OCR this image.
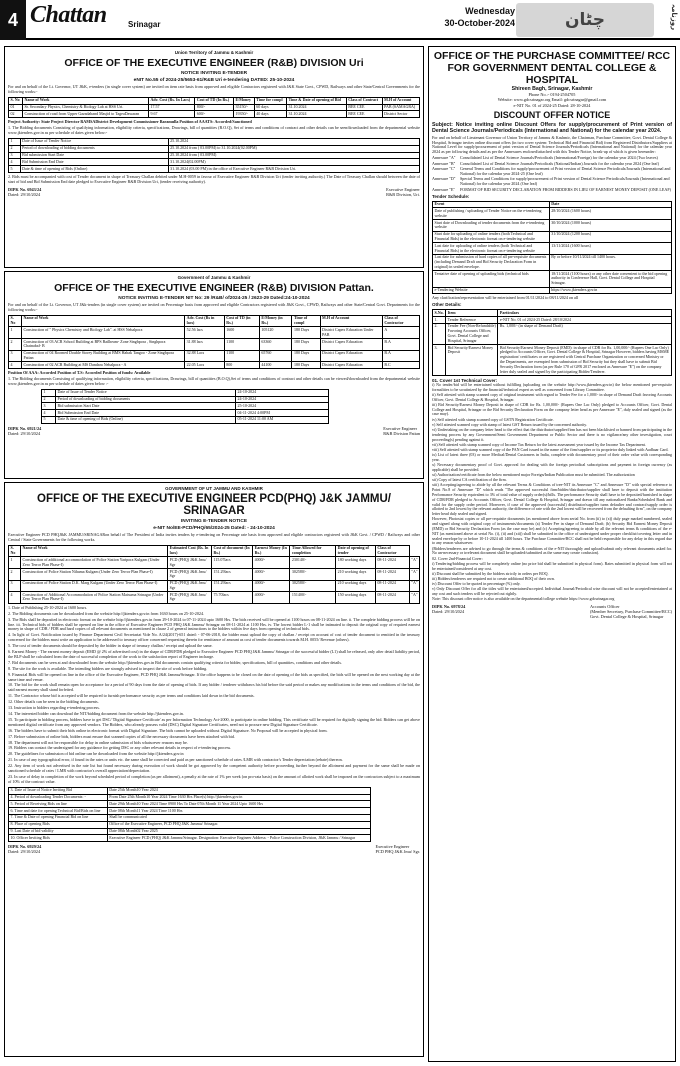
4 Chattan	Srinagar
Wednesday
30-October-2024	چٹان	روزنامہ
Union Territory of Jammu & Kashmir
OFFICE OF THE EXECUTIVE ENGINEER (R&B) DIVISION Uri
NOTICE INVITING E-TENDER
eNIT No.55 of 2024-25/5653-61/R&B Uri e-tendering DATED: 25-10-2024

For and on behalf of the Lt. Governor, UT J&K, e-tenders (in single cover system) are invited on item rate basis from approved and eligible Contractors registered with J&K State Govt., CPWD, Railways and other State/Central Governments for the following works:-

S. No	Name of Work	Adv. Cost (Rs. In Lacs)	Cost of TD (In Rs.)	E/Money	Time for compl	Time & Date of opening of Bid	Class of Contract	M.H of Account
01	Sr. Secondary Physics, Chemistry & Biology Lab at HSS Uri.	17.57	800/-	35150/-	60 days	31.10.2024	BEE CEE	PAB (SAMAGRA)
02	Construction of road from Upper Gazadaband Masjid to TageaDawaran	9.67	600/-	19350/-	40 days	31.10.2024	BEE CEE	District Sector

Project Authority: State Project Director RAMSADistrict Development Commissioner Baramulla Position of AAATS: Accorded/Sanctioned

1. The Bidding documents Consisting of qualifying information, eligibility criteria, specifications, Drawings, bill of quantities (B.O.Q), Set of terms and conditions of contract and other details can be seen/downloaded from the departmental website www.jktenders.gov.in as per schedule of dates given below:-

1	Date of Issue of Tender Notice	25.10.2024
2	Period of downloading of bidding documents	25.10.2024 from ( 03.00PM) to 31.10.2024(02.00PM)
3	Bid submission Start Date	25.10.2024 from ( 03.00PM)
4	Bid Submission End Date	31.10.2024(02.00PM)
5	Date & time of opening of Bids (Online)	31.10.2024 (03.00 PM) in the office of Executive Engineer R&B Division Uri.

2. Bids must be accompanied with cost of Tender document in shape of Treasury Challan debited under M.H-0059 in favour of Executive Engineer R&B Division Uri (tender inviting authority.) The Date of Treasury Challan should between the date of start of bid and Bid Submission End date pledged to Executive Engineer R&B Division Uri, (tender receiving authority).

DIPK No. 6943/24
Dated: 29/10/2024
Executive Engineer
R&B Division, Uri.
Government of Jammu & Kashmir
OFFICE OF THE EXECUTIVE ENGINEER (R&B) DIVISION Pattan.
NOTICE INVITING E-TENDER NIT No: 29 /R&B/ of2024-25 / 2623-29 Dated:24-10-2024

For and on behalf of the Lt. Governor, UT J&k-tenders (in single cover system) are invited on Percentage basis from approved and eligible Contractors registered with J&K Govt., CPWD, Railways and other State/Central Govt. Departments for the following works:-

S. No	Name of Work	Adv. Cost (Rs in lacs)	Cost of TD (in Rs.)	E/Money (in Rs.)	Time of compl	M.H of Account	Class of Contractor
1	Construction of " Physics Chemistry and Biology Lab". at HSS Nehalpora	52.56 lacs	1600	105120	180 Days	District Capex Education Under PAB	A
2	Construction of 03 ACR School Building at BPS Bailheam- Zone Singhpora , Singhpora Chainabal- B	31.88 lacs	1100	63360	180 Days	District Capex Education	B.A
3	Construction of 04 Roomed Double Storey Building at BMS Habak Tangoo - Zone Singhpora Pattan	32.88 Lacs	1100	65760	180 Days	District Capex Education	B.A
4	Construction of 02 ACR Building at MS Dandara Nehalpora - A	22.05 Lacs	800	44100	180 Days	District Capex Education	B.C

Position Of AAA: Accorded Position of T.S: Accorded Position of funds: Available

1. The Bidding documents Consisting of qualifying information, eligibility criteria, specifications, Drawings, bill of quantities (B.O.Q),Set of terms and conditions of contract and other details can be viewed/downloaded from the departmental website www.jktenders.gov.in as per schedule of dates given below :-

1	Date of Issue of Tender Notice	24-10-2024
2	Period of downloading of bidding documents	24-10-2024
3	Bid submission Start Date	25-10-2024
4	Bid Submission End Date	04-11-2024 4:00PM
5	Date & time of opening of Bids (Online)	05-11-2024 11:00 AM
DIPK No. 6921/24
Dated: 29/10/2024
Executive Engineer
R&B Division Pattan
GOVERNMENT OF UT JAMMU AND KASHMIR
OFFICE OF THE EXECUTIVE ENGINEER PCD(PHQ) J&K JAMMU/ SRINAGAR
INVITING E-TENDER NOTICE
e-NIT No/EE-PCD/PHQ/65/2024-25 Dated: - 24-10-2024

Executive Engineer PCD PHQJ&K JAMMU/SRINAGARon behalf of The President of India invites tenders by e-tendering on Percentage rate basis from approved and eligible contractors registered with J&K Govt. / CPWD / Railways and other Central / State Governments for the following works.

S. No	Name of Work	Estimated Cost (Rs. In lacs)	Cost of document (In Rs.)	Earnest Money (In Rs.)	Time Allowed for completion	Date of opening of tender	Class of Contractor	
1	Construction of additional accommodation of Police Station Yaripora Kulgam (Under Zero Terror Plan Phase-I)	PCD (PHQ) J&K Jmu/ Sgr	115.07lacs	4000/-	230140/-	180 working days	08-11-2024	"A"
2	Construction of Police Station Nihama Kulgam (Under Zero Terror Plan Phase-I)	PCD (PHQ) J&K Jmu/ Sgr	151.29lacs	4000/-	302580/-	210 working days	08-11-2024	"A"
3	Construction of Police Station D.K. Marg Kulgam (Under Zero Terror Plan Phase-I)	PCD (PHQ) J&K Jmu/ Sgr	151.29lacs	4000/-	302580/-	210 working days	08-11-2024	"A"
4	Construction of Additional Accommodation of Police Station Maisuma Srinagar (Under Zero Terror Plan Phase-I)	PCD (PHQ) J&K Jmu/ Sgr	75.70lacs	4000/-	151400/-	150 working days	08-11-2024	"A"

1. Date of Publishing 25-10-2024 at 1600 hours.

2. The Bidding documents can be downloaded from the website http://jktenders.gov.in from 1630 hours on 25-10-2024.

3. The Bids shall be deposited in electronic format on the website http://jktenders.gov.in from 29-10-2024 to 07-11-2024 upto 1600 Hrs. The bids received will be opened at 1100 hours on 08-11-2024 on line. ii. The complete bidding process will be on line. iii. Technical bids of bidders shall be opened on line in the office of Executive Engineer PCD PHQ J&K Jammu/ Srinagar on 08-11-2024 at 1100 Hrs. iv. The lowest bidder L-1 shall be intimated to deposit the original copy of required earnest money in shape of CDR / FDR and hard copies of all relevant documents as mentioned in clause 2 of general instructions to the bidders within five days from opening of technical bids.

4. In light of Govt. Notification issued by Finance Department Civil Secretariat Vide No. A/24(2017)-651 dated: - 07-06-2018, the bidder must upload the copy of challan / receipt on account of cost of tender document to remitted in the treasury concerned for the bidders must write an application to be addressed to treasury officer concerned requesting therein for remittance of amount as cost of tender documents towards M.H. 0055/ Revenue (others).

5. The cost of tender documents should be deposited by the bidder in shape of treasury challan / receipt and upload the same.

6. Earnest Money - The earnest money deposit (EMD @ 2% of advertised cost) in the shape of CDR/FDR pledged to Executive Engineer PCD PHQ J&K Jammu/ Srinagar of the successful bidder (L1) shall be released, only after detail liability period, the BLP shall be calculated from the date of successful completion of the work to the satisfaction report of Engineer incharge.

7. Bid documents can be seen at and downloaded from the website http://jktenders.gov.in Bid documents contain qualifying criteria for bidder, specifications, bill of quantities, conditions and other details.

8. The site for the work is available. The intending bidders are strongly advised to inspect the site of work before bidding.

9. Financial Bids will be opened on line in the office of the Executive Engineer, PCD PHQ J&K Jammu/Srinagar. If the office happens to be closed on the date of opening of the bids as specified, the bids will be opened on the next working day at the same time and venue.

10. The bid for the work shall remain open for acceptance for a period of 90 days from the date of opening of bids. If any bidder / tenderer withdraws his bid before the said period or makes any modifications in the terms and conditions of the bid, the said earnest money shall stand forfeited.

11. The Contractor whose bid is accepted will be required to furnish performance security as per terms and conditions laid down in the bid documents.

12. Other details can be seen in the bidding documents.

13. Instruction to bidders regarding e-tendering process.

14. The interested bidder can download the NIT/bidding document from the website http://jktenders.gov.in.

15. To participate in bidding process, bidders have to get DSC/ 'Digital Signature Certificate' as per Information Technology Act-2000, to participate in online bidding. This certificate will be required for digitally signing the bid. Bidders can get above mentioned digital certificate from any approved vendors. The Bidders, who already possess valid (DSC) Digital Signature Certificates, need not to procure new Digital Signature Certificate.

16. The bidders have to submit their bids online in electronic format with Digital Signature. The bids cannot be uploaded without Digital Signature. No Proposal will be accepted in physical form.

17. Before submission of online bids, bidders must ensure that scanned copies of all the necessary documents have been attached with bid.

18. The department will not be responsible for delay in online submission of bids whatsoever reasons may be.

19. Bidders can contact the undersigned for any guidance for getting DSC or any other relevant details in respect of e-tendering process.

20. The guidelines for submission of bid online can be downloaded from the website http://jktenders.gov.in

21. In case of any typographical error, if found in the rates or units etc. the same shall be corrected and paid as per sanctioned schedule of rates /LMR with contractor's Tender depreciation (rebate) thereon.

22. Any item of work not advertised in the rate list but found necessary during execution of work should be got approved by the competent authority before proceeding further beyond the allotment and payment for the same shall be made on sanctioned schedule of rates / LMR with contractor's overall appreciation/depreciation.

23. In case of delay in completion of the work beyond scheduled period of completion (as per allotment), a penalty at the rate of 1% per week (on pro-rata basis) on the amount of allotted work shall be imposed on the contractors subject to a maximum of 10% of the contract value.

3. Date of Issue of Notice Inviting Bid	Date 25th Month10 Year 2024
4. Period of downloading Tender Documents: -	From Date 25th Month10 Year 2024 Time 1630 Hrs Place(s) http://jktenders.gov.in
5. Period of Receiving Bids on line	Date 29th Month10 Year 2024 Time 0900 Hrs To Date 07th Month 11 Year 2024 Upto 1600 Hrs
6. Time and date for opening Technical Bid/Bids on line	Date 08th Month11 Year 2024 Time 1100 Hrs
7. Time & Date of opening Financial Bid on line	Shall be communicated
8. Place of opening Bids	Office of the Executive Engineer, PCD PHQ J&K Jammu/ Srinagar.
9. Last Date of bid validity	Date 08th Month02 Year 2025
10. Officer Inviting Bids	Executive Engineer PCD (PHQ) J&K Jammu/Srinagar. Designation: Executive Engineer Address: - Police Construction Division, J&K Jammu / Srinagar
DIPK No. 6929/24
Dated: 29/10/2024
Executive Engineer
PCD PHQ J&K Jmu/ Sgr.
OFFICE OF THE PURCHASE COMMITTEE/ RCC FOR GOVERNMENT DENTAL COLLEGE & HOSPITAL
Shireen Bagh, Srinagar, Kashmir
Phone No.:- 0194-2504705
Website: www.gdcsrinagar.org Email: gdcsrinagar@gmail.com
e-NIT No. 01 of 2024-25 Dated: 28-10-2024
DISCOUNT OFFER NOTICE
Subject: Notice inviting online Discount Offers for supply/procurement of Print version of Dental Science Journals/Periodicals (International and National) for the calendar year 2024.

For and on behalf of Lieutenant Governor of Union Territory of Jammu & Kashmir, the Chairman, Purchase Committee, Govt. Dental College & Hospital, Srinagar invites online discount offers (in two cover system: Technical Bid and Financial Bid) from Registered Distributors/Suppliers at National Level for supply/procurement of print version of Dental Science Journals/Periodicals (International and National) for the calendar year 2024 as per following details and as per the Annexures enclosed/attached with this Tender Notice, break-up of which is given hereunder:

Annexure "A"	Consolidated List of Dental Science Journals/Periodicals (International/Foreign) for the calendar year 2024 (Two leaves)
Annexure "B"	Consolidated List of Dental Science Journals/Periodicals (National/Indian) Journals for the calendar year 2024 (One leaf)
Annexure "C"	General Terms and Conditions for supply/procurement of Print version of Dental Science Periodicals/Journals (International and National) for the calendar year 2024-25 (One leaf)
Annexure "D"	Special Terms and Conditions for supply/procurement of Print version of Dental Science Periodicals/Journals (International and National) for the calendar year 2024 (One leaf)
Annexure "E"	FORMAT OF BID SECURITY DECLARATION FROM BIDDERS IN LIEU OF EARNEST MONEY DEPOSIT (ONE LEAF)
Tender Schedule:
Event	Date
Date of publishing / uploading of Tender Notice on the e-tendering website	28/10/2024 (1600 hours)
Start date of Downloading of tender documents from the e-tendering website	30/10/2024 (1000 hours)
Start date for uploading of online tenders (both Technical and Financial Bids) in the electronic format on e-tendering website	31/10/2024 (1200 hours)
Last date for uploading of online tenders (both Technical and Financial Bids) in the electronic format on e-tendering website	13/11/2024 (1600 hours)
Last date for submission of hard copies of all pre-requisite documents (including Demand Draft and Bid Security Declaration Form in original) in sealed envelope.	By or before 10/11/2024 till 1400 hours.
Tentative date of opening of uploading bids (technical bids	18/11/2024 (1100 hours) or any other date convenient to the bid opening authority in Conference Hall, Govt. Dental College and Hospital Srinagar.
e-Tendering Website	https://www.jktenders.gov.in

Any clarification/representation will be entertained from 01/11/2024 to 08/11/2024 on all

Other Details:
S.No.	Item	Particulars
1.	Tender Reference	e-NIT No. 01 of 2024-25 Dated: 28/10/2024
2.	Tender Fee (Non-Refundable) Favoring Accounts Officer, Govt. Dental College and Hospital, Srinagar	Rs. 1,000/- (in shape of Demand Draft)
3.	Bid Security/Earnest Money Deposit	Bid Security/Earnest Money Deposit (EMD): in shape of CDR for Rs. 1,00,000/- (Rupees One Lac Only) pledged to Accounts Officer, Govt. Dental College & Hospital, Srinagar However, bidders having MSME registration/ certificates or are registered with Central Purchase Organization or concerned Ministry or the Departments, are exempted from submission of Bid Security but they shall have to submit Bid Security Declaration form (as per Rule 170 of GFR 2017 enclosed as Annexure "E") on the company letter duly sealed and signed by the participating Bidder/Tenderer.
01. Cover 1st Technical Cover:

i) No tender/bid will be entertained without fulfilling (uploading on the website http://www.jktenders.gov.in) the below mentioned pre-requisite formalities to be scrutinized by the financial/technical expert as well as concerned from Library Committee.

ii) Self attested with stamp scanned copy of original instrument with regard to Tender Fee for a 1,000/- in shape of Demand Draft favoring Accounts Officer, Govt. Dental College & Hospital, Srinagar.

iii) Bid Security/Earnest Money Deposit in shape of CDR for Rs. 1,00,000/- (Rupees One Lac Only) pledged to Accounts Officer, Govt. Dental College and Hospital, Srinagar or the Bid Security Declaration Form on the company letter head as per Annexure "E", duly sealed and signed (as the case may).

iv) Self attested with stamp scanned copy of GSTN Registration Certificate.

v) Self attested scanned copy with stamp of latest GST Return issued by the concerned authority.

vi) Undertaking on the company letter head to the effect that the distributor/supplier/firm has not been blacklisted or banned from participating in the tendering process by any Government/Semi Government Department or Public Sector and there is no vigilance/any other investigation, court proceeding(s) pending against it.

vii) Self attested with stamp scanned copy of Income Tax Return for the latest assessment year issued by the Income Tax Department.

viii) Self attested with stamp scanned copy of the PAN Card issued in the name of the firm/supplier or its proprietor duly linked with Aadhaar Card.

ix) List of latest three (03) or more Medical/Dental Customers in India, complete with documentary proof of their order value with corresponding year.

x) Necessary documentary proof of Govt. approval for dealing with the foreign periodical subscriptions and payment in foreign currency (as applicable) shall be provided.

xi) Authorization/certificate from the below mentioned major Foreign/Indian Publication must be submitted. The authorization

xii) Copy of latest CA certification of the firm.

xiii) Accepting/agreeing to abide by all the relevant Terms & Conditions of tree-NIT its Annexure "C" and Annexure "D" with special reference to Point No.8 of Annexure "D" which reads "The approved successful firm/bidder/distributor/supplier shall have to deposit with the institution Performance Security equivalent to 3% of total value of supply order(s)/bills. The performance Security shall have to be deposited/furnished in shape of CDR/FDR pledged to Accounts Officer, Govt. Dental College & Hospital, Srinagar and drawn till any nationalized Banks/Scheduled Bank and valid for the supply order period. Moreover, if case of the approved (successful) distributor/supplier turns defaulter and contract/supply order is allotted to 2nd lowest by the relevant authority, the difference of rate with the 2nd lowest will be recovered from the defaulting firm", on the company letter head duly sealed and signed.

However, Photostat copies or all pre-requisite documents (as mentioned above from serial No. from (ii) to (x)) duly page marked numbered, sealed and signed along with original copy of instruments/documents (a) Tender Fee in shape of Demand Draft; (b) Security Bid Earnest Money Deposit (EMD) or Bid Security Declaration Form (as the case may be) and (c) Accepting/agreeing to abide by all the relevant terms & conditions of the e-NIT (as mentioned above at serial No. (i), (ii) and (xii)) shall be submitted in the office of undersigned under proper checklist/covering letter and in sealed envelope by or before 10-11-2024 till 1400 hours. The Purchase Committee/RCC shall not be held responsible for any delay in this regard due to any reason whatsoever.

(Bidders/tenderers are advised to go through the terms & conditions of the e-NIT thoroughly and upload/submit only relevant documents asked for. No un-necessary or irrelevant document shall be uploaded/submitted as the same may create confusion).

02. Cover 2nd-Financial Cover:

i) Tendering/bidding process will be completely online (no price bid shall be submitted in physical form). Rates submitted in physical form will not be entertained/considered at any cost.

ii) Discount shall be submitted by the bidders strictly in orders per BOQ.

iii) Bidders/tenderers are required not to create additional BOQ of their own.

iv) Discount Offer to be quoted in percentage (%) only.

v) Only Discount Offer for all the titles will be entertained/accepted. Individual Journal/Periodical wise discount will not be accepted/entertained at any cost and such tenders will be rejected out rightly.

Note: This discount offer notice is also available on the departmental/college website https://www.gdcsrinagar.org

DIPK No. 6978/24
Dated: 29/10/2024
Accounts Officer
(Member Secretary, Purchase Committee/RCC)
Govt. Dental College & Hospital, Srinagar
